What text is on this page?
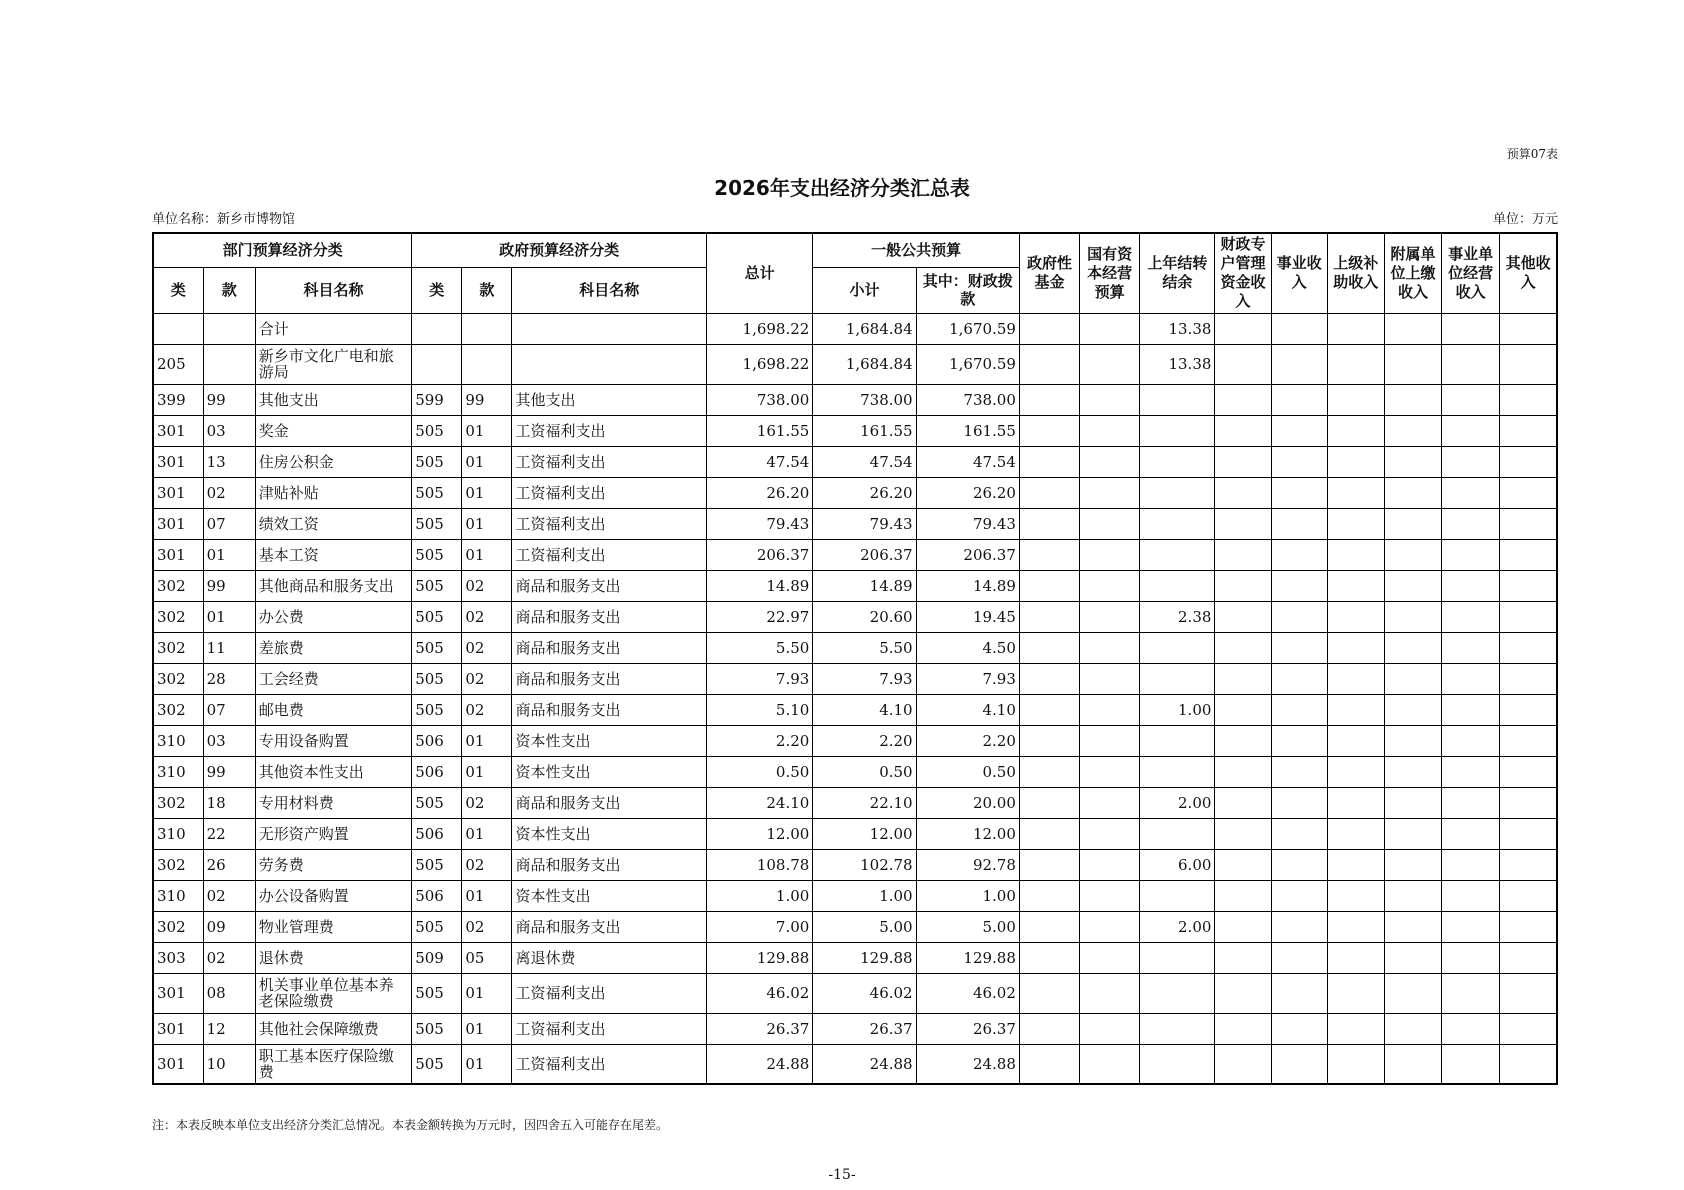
预算07表
2026年支出经济分类汇总表
单位名称：新乡市博物馆	单位：万元
部门预算经济分类			政府预算经济分类			总计	一般公共预算		政府性基金	国有资本经营预算	上年结转结余	财政专户管理资金收入	事业收入	上级补助收入	附属单位上缴收入	事业单位经营收入	其他收入
类	款	科目名称	类	款	科目名称		小计	其中：财政拨款									
		合计				1,698.22	1,684.84	1,670.59			13.38						
205		新乡市文化广电和旅游局				1,698.22	1,684.84	1,670.59			13.38						
399	99	其他支出	599	99	其他支出	738.00	738.00	738.00									
301	03	奖金	505	01	工资福利支出	161.55	161.55	161.55									
301	13	住房公积金	505	01	工资福利支出	47.54	47.54	47.54									
301	02	津贴补贴	505	01	工资福利支出	26.20	26.20	26.20									
301	07	绩效工资	505	01	工资福利支出	79.43	79.43	79.43									
301	01	基本工资	505	01	工资福利支出	206.37	206.37	206.37									
302	99	其他商品和服务支出	505	02	商品和服务支出	14.89	14.89	14.89									
302	01	办公费	505	02	商品和服务支出	22.97	20.60	19.45			2.38						
302	11	差旅费	505	02	商品和服务支出	5.50	5.50	4.50									
302	28	工会经费	505	02	商品和服务支出	7.93	7.93	7.93									
302	07	邮电费	505	02	商品和服务支出	5.10	4.10	4.10			1.00						
310	03	专用设备购置	506	01	资本性支出	2.20	2.20	2.20									
310	99	其他资本性支出	506	01	资本性支出	0.50	0.50	0.50									
302	18	专用材料费	505	02	商品和服务支出	24.10	22.10	20.00			2.00						
310	22	无形资产购置	506	01	资本性支出	12.00	12.00	12.00									
302	26	劳务费	505	02	商品和服务支出	108.78	102.78	92.78			6.00						
310	02	办公设备购置	506	01	资本性支出	1.00	1.00	1.00									
302	09	物业管理费	505	02	商品和服务支出	7.00	5.00	5.00			2.00						
303	02	退休费	509	05	离退休费	129.88	129.88	129.88									
301	08	机关事业单位基本养老保险缴费	505	01	工资福利支出	46.02	46.02	46.02									
301	12	其他社会保障缴费	505	01	工资福利支出	26.37	26.37	26.37									
301	10	职工基本医疗保险缴费	505	01	工资福利支出	24.88	24.88	24.88									
注：本表反映本单位支出经济分类汇总情况。本表金额转换为万元时，因四舍五入可能存在尾差。
-15-
